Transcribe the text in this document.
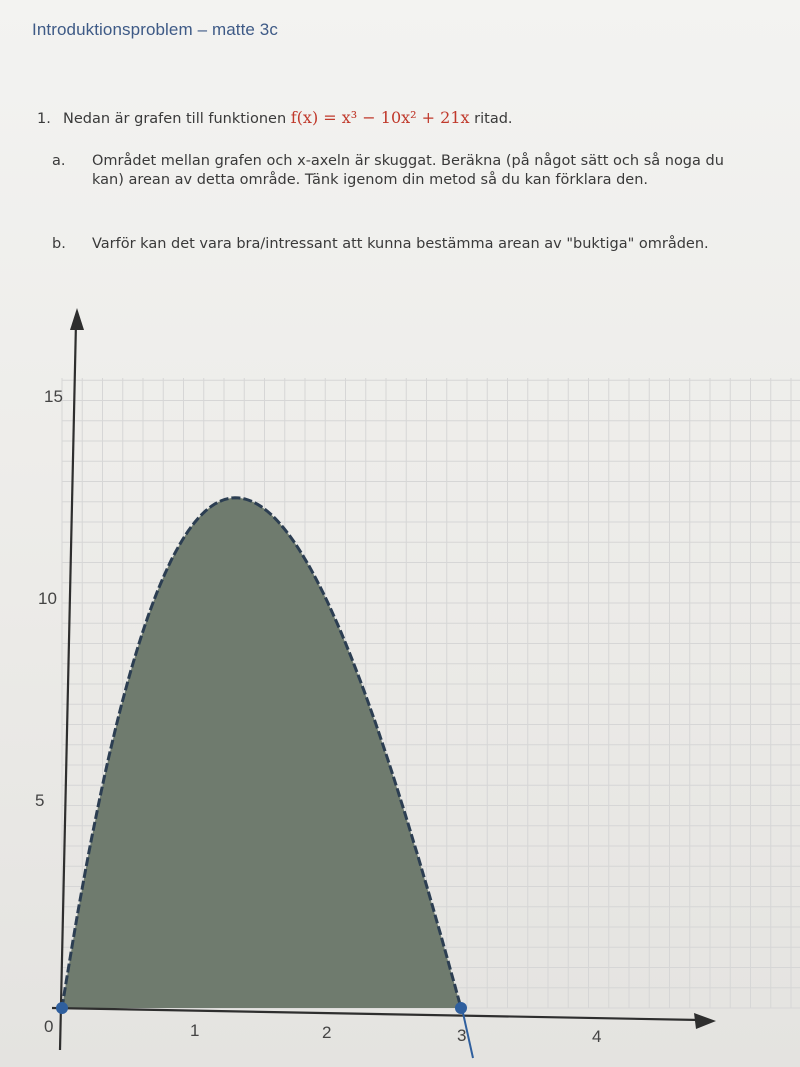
Introduktionsproblem – matte 3c
1. Nedan är grafen till funktionen f(x) = x³ − 10x² + 21x ritad.
a. Området mellan grafen och x-axeln är skuggat. Beräkna (på något sätt och så noga du kan) arean av detta område. Tänk igenom din metod så du kan förklara den.
b. Varför kan det vara bra/intressant att kunna bestämma arean av "buktiga" områden.
0	1	2	3	4
5
10
15
